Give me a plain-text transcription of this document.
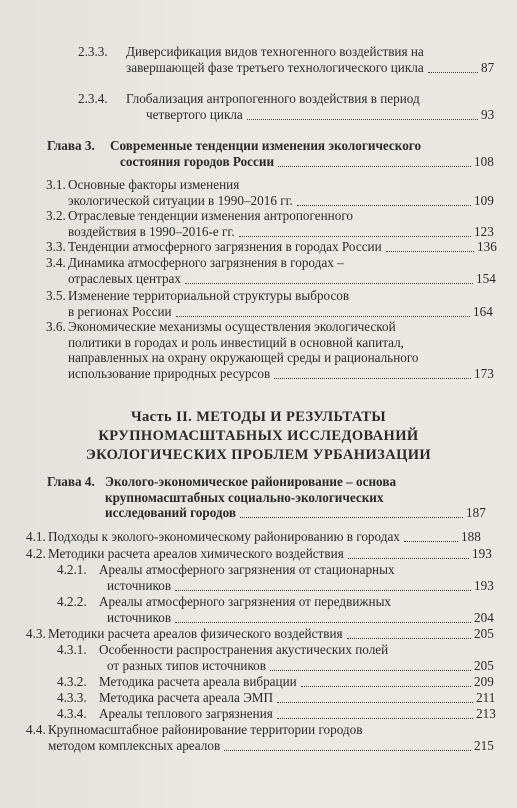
2.3.3. Диверсификация видов техногенного воздействия на
завершающей фазе третьего технологического цикла	87
2.3.4. Глобализация антропогенного воздействия в период
четвертого цикла	93
Глава 3. Современные тенденции изменения экологического
состояния городов России	108
3.1. Основные факторы изменения
экологической ситуации в 1990–2016 гг.	109
3.2. Отраслевые тенденции изменения антропогенного
воздействия в 1990–2016-е гг.	123
3.3. Тенденции атмосферного загрязнения в городах России	136
3.4. Динамика атмосферного загрязнения в городах –
отраслевых центрах	154
3.5. Изменение территориальной структуры выбросов
в регионах России	164
3.6. Экономические механизмы осуществления экологической
политики в городах и роль инвестиций в основной капитал,
направленных на охрану окружающей среды и рационального
использование природных ресурсов	173
Глава 4. Эколого-экономическое районирование – основа
крупномасштабных социально-экологических
исследований городов	187
4.1. Подходы к эколого-экономическому районированию в городах	188
4.2. Методики расчета ареалов химического воздействия	193
4.2.1. Ареалы атмосферного загрязнения от стационарных
источников	193
4.2.2. Ареалы атмосферного загрязнения от передвижных
источников	204
4.3. Методики расчета ареалов физического воздействия	205
4.3.1. Особенности распространения акустических полей
от разных типов источников	205
4.3.2. Методика расчета ареала вибрации	209
4.3.3. Методика расчета ареала ЭМП	211
4.3.4. Ареалы теплового загрязнения	213
4.4. Крупномасштабное районирование территории городов
методом комплексных ареалов	215
Часть II. МЕТОДЫ И РЕЗУЛЬТАТЫ
КРУПНОМАСШТАБНЫХ ИССЛЕДОВАНИЙ
ЭКОЛОГИЧЕСКИХ ПРОБЛЕМ УРБАНИЗАЦИИ
